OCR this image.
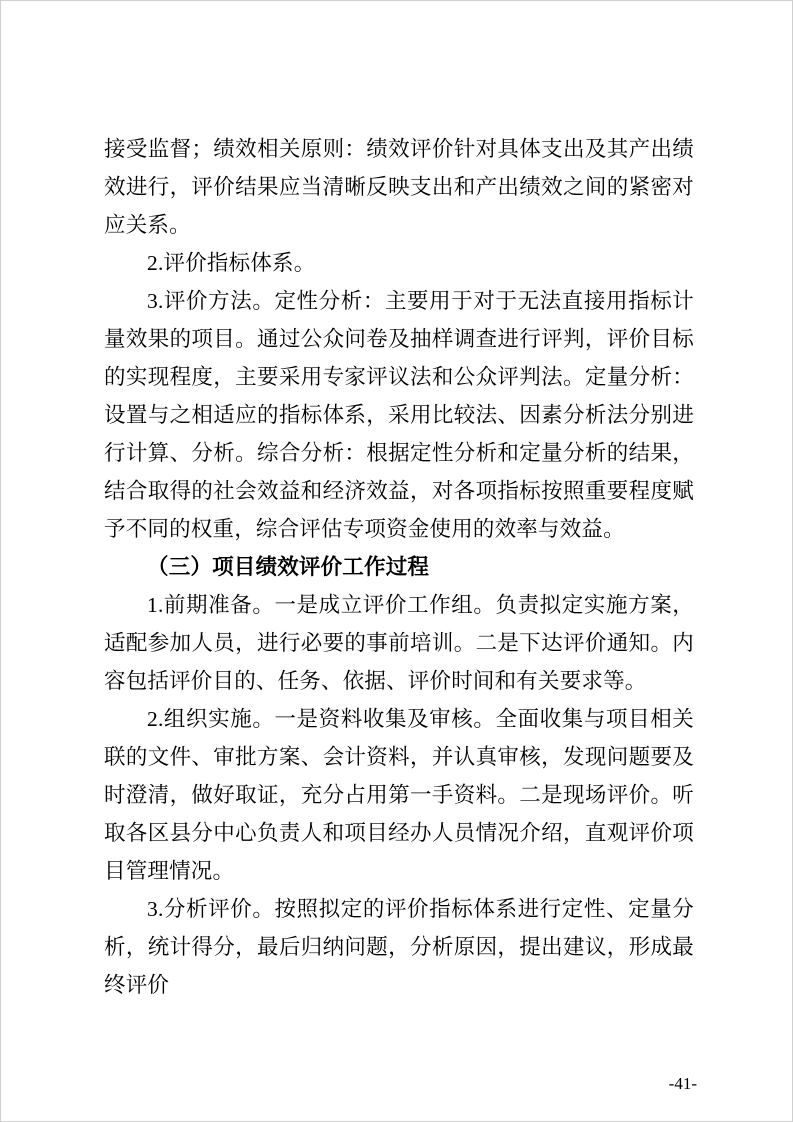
接受监督；绩效相关原则：绩效评价针对具体支出及其产出绩效进行，评价结果应当清晰反映支出和产出绩效之间的紧密对应关系。

2.评价指标体系。

3.评价方法。定性分析：主要用于对于无法直接用指标计量效果的项目。通过公众问卷及抽样调查进行评判，评价目标的实现程度，主要采用专家评议法和公众评判法。定量分析：设置与之相适应的指标体系，采用比较法、因素分析法分别进行计算、分析。综合分析：根据定性分析和定量分析的结果，结合取得的社会效益和经济效益，对各项指标按照重要程度赋予不同的权重，综合评估专项资金使用的效率与效益。

（三）项目绩效评价工作过程

1.前期准备。一是成立评价工作组。负责拟定实施方案，适配参加人员，进行必要的事前培训。二是下达评价通知。内容包括评价目的、任务、依据、评价时间和有关要求等。

2.组织实施。一是资料收集及审核。全面收集与项目相关联的文件、审批方案、会计资料，并认真审核，发现问题要及时澄清，做好取证，充分占用第一手资料。二是现场评价。听取各区县分中心负责人和项目经办人员情况介绍，直观评价项目管理情况。

3.分析评价。按照拟定的评价指标体系进行定性、定量分析，统计得分，最后归纳问题，分析原因，提出建议，形成最终评价

-41-
